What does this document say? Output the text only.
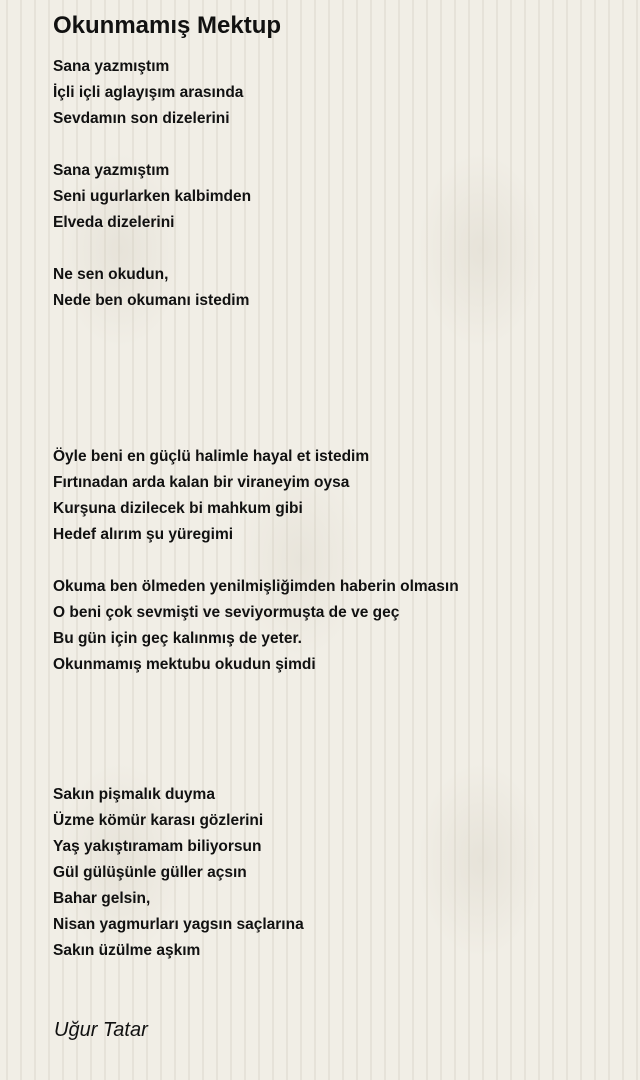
Okunmamış Mektup
Sana yazmıştım
İçli içli aglayışım arasında
Sevdamın son dizelerini
Sana yazmıştım
Seni ugurlarken kalbimden
Elveda dizelerini
Ne sen okudun,
Nede ben okumanı istedim
Öyle beni en güçlü halimle hayal et istedim
Fırtınadan arda kalan bir viraneyim oysa
Kurşuna dizilecek bi mahkum gibi
Hedef alırım şu yüregimi
Okuma ben ölmeden yenilmişliğimden haberin olmasın
O beni çok sevmişti ve seviyormuşta de ve geç
Bu gün için geç kalınmış de yeter.
Okunmamış mektubu okudun şimdi
Sakın pişmalık duyma
Üzme kömür karası gözlerini
Yaş yakıştıramam biliyorsun
Gül gülüşünle güller açsın
Bahar gelsin,
Nisan yagmurları yagsın saçlarına
Sakın üzülme aşkım
Uğur Tatar
